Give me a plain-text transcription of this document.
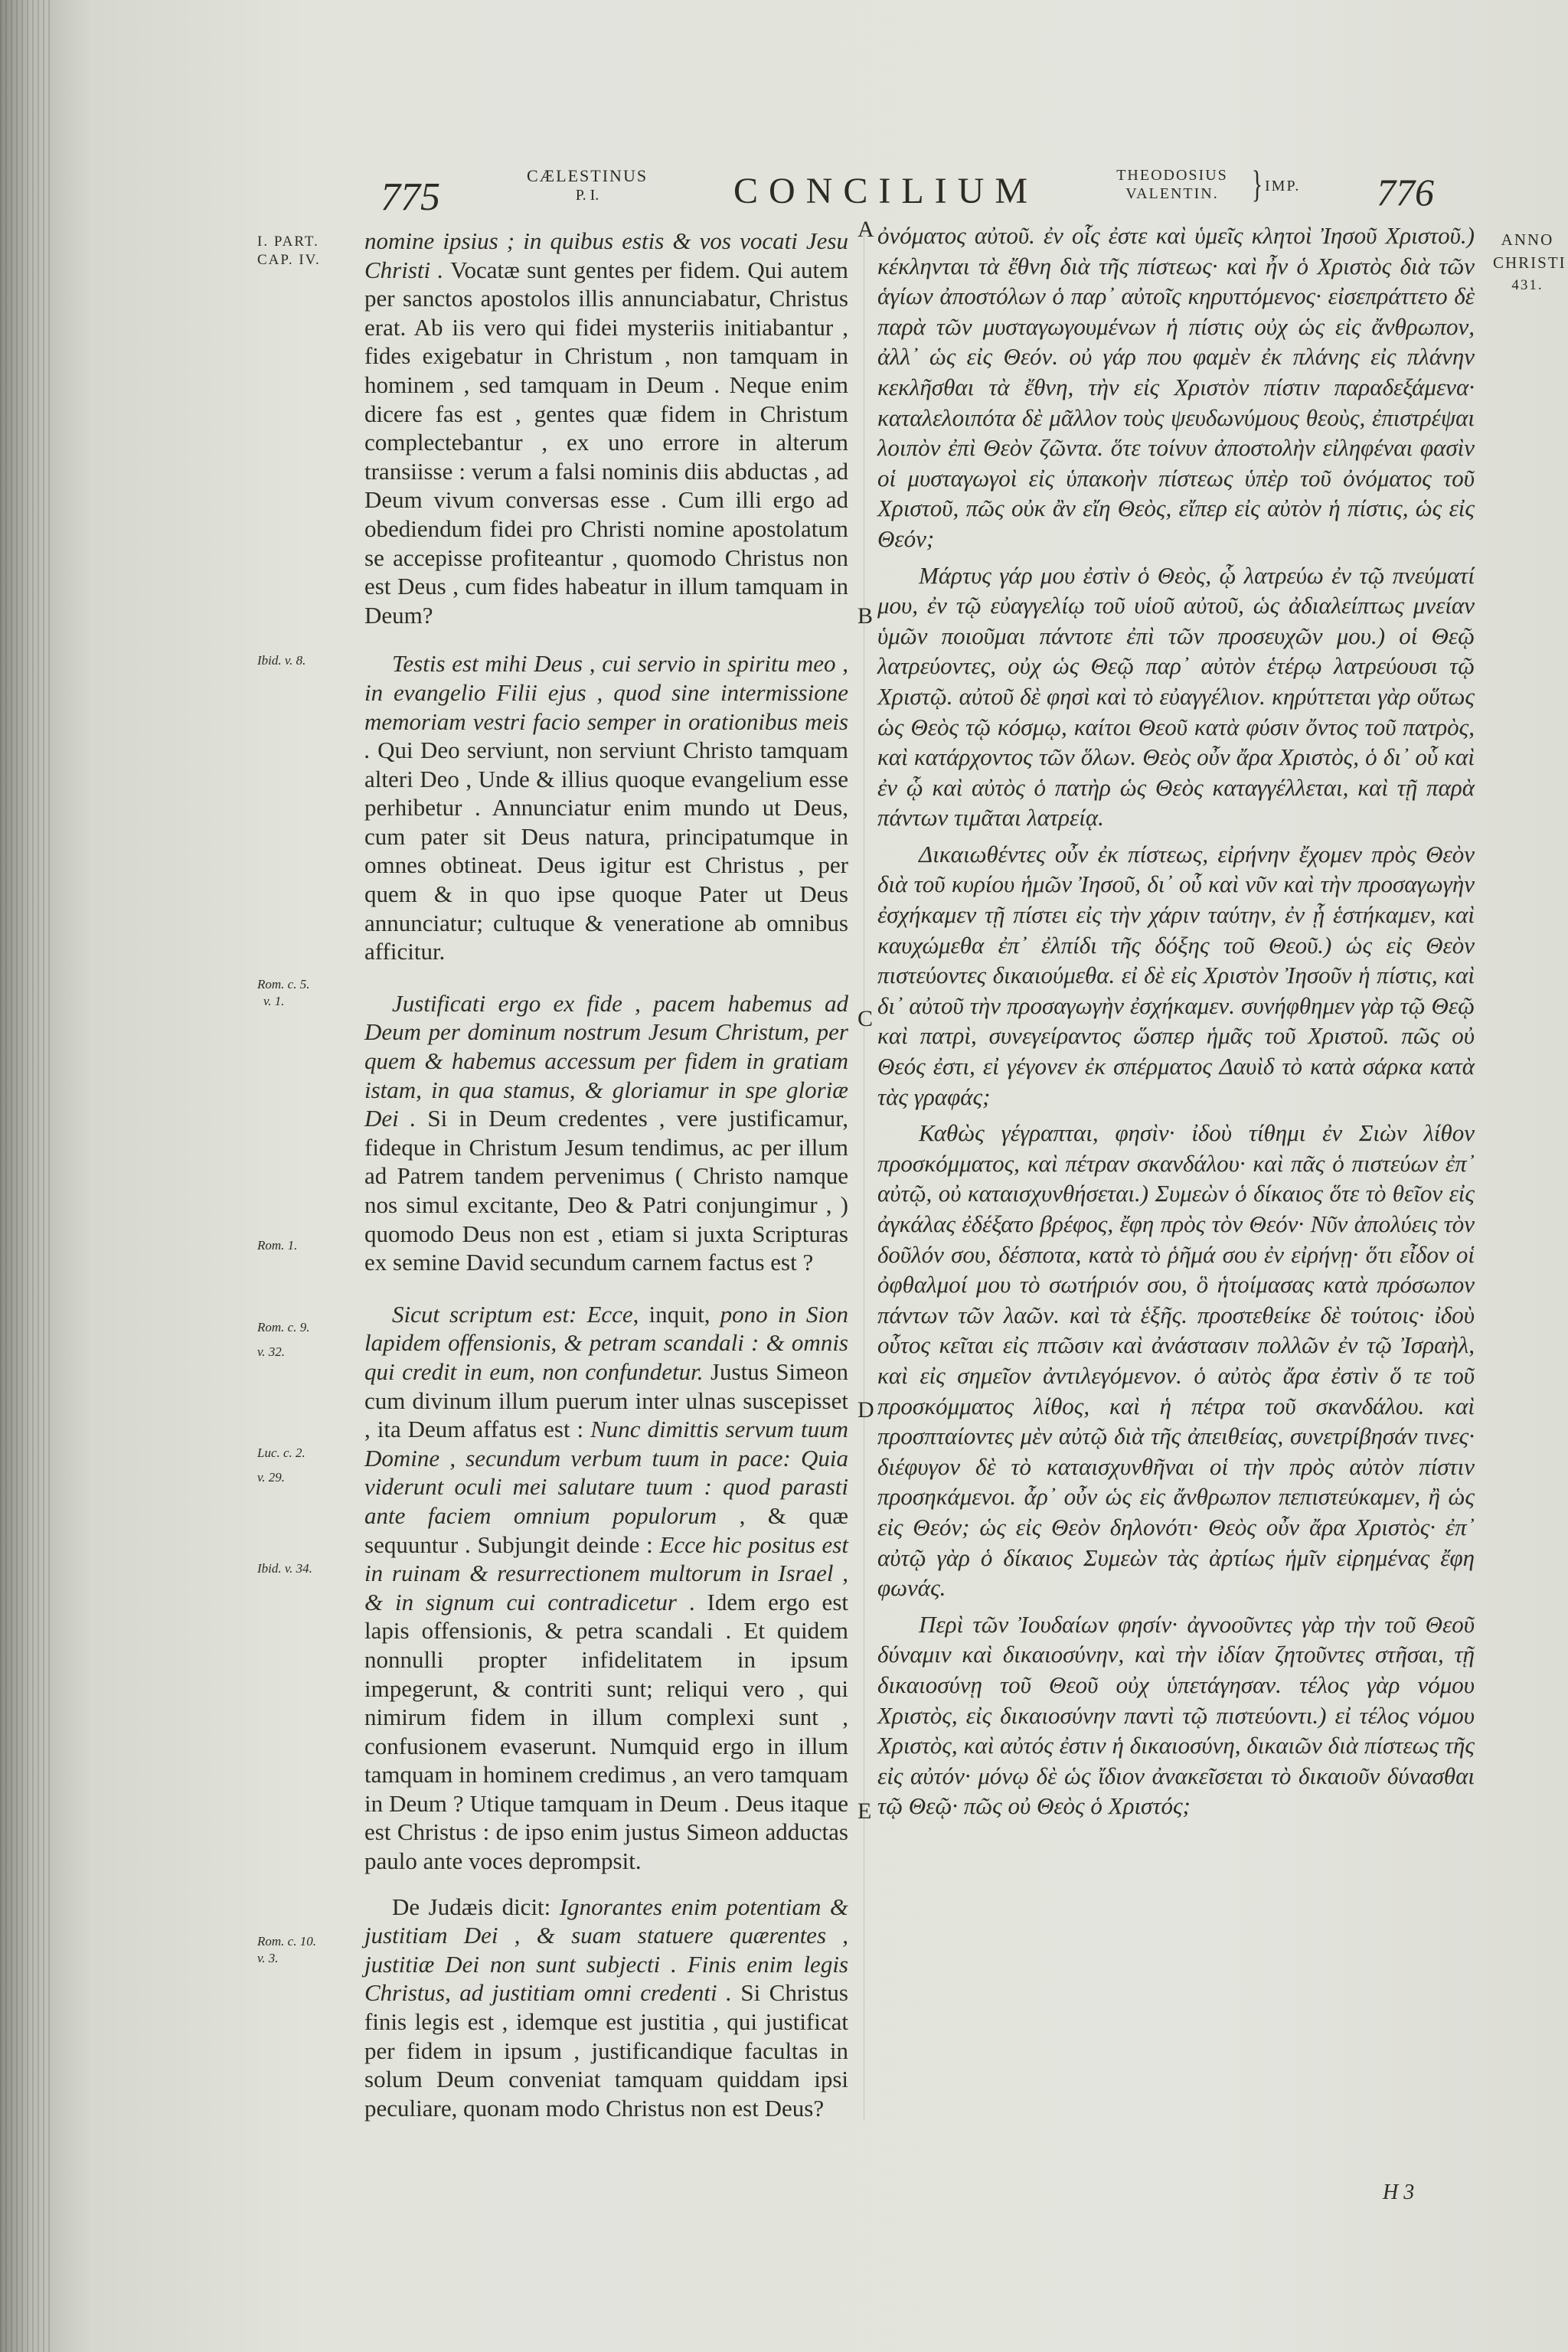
775	CÆLESTINUS
P. I.	CONCILIUM	THEODOSIUS
VALENTIN. } IMP. 776
I. PART.
CAP. IV.
Ibid. v. 8.
Rom. c. 5.
v. 1.
Rom. 1.
Rom. c. 9.
v. 32.
Luc. c. 2.
v. 29.
Ibid. v. 34.
Rom. c. 10.
v. 3.
ANNO
CHRISTI
431.
A
B
C
D
E

nomine ipsius ; in quibus estis & vos vocati Jesu Christi . Vocatæ sunt gentes per fidem. Qui autem per sanctos apostolos illis annunciabatur, Christus erat. Ab iis vero qui fidei mysteriis initiabantur , fides exigebatur in Christum , non tamquam in hominem , sed tamquam in Deum . Neque enim dicere fas est , gentes quæ fidem in Christum complectebantur , ex uno errore in alterum transiisse : verum a falsi nominis diis abductas , ad Deum vivum conversas esse . Cum illi ergo ad obediendum fidei pro Christi nomine apostolatum se accepisse profiteantur , quomodo Christus non est Deus , cum fides habeatur in illum tamquam in Deum?

Testis est mihi Deus , cui servio in spiritu meo , in evangelio Filii ejus , quod sine intermissione memoriam vestri facio semper in orationibus meis . Qui Deo serviunt, non serviunt Christo tamquam alteri Deo , Unde & illius quoque evangelium esse perhibetur . Annunciatur enim mundo ut Deus, cum pater sit Deus natura, principatumque in omnes obtineat. Deus igitur est Christus , per quem & in quo ipse quoque Pater ut Deus annunciatur; cultuque & veneratione ab omnibus afficitur.

Justificati ergo ex fide , pacem habemus ad Deum per dominum nostrum Jesum Christum, per quem & habemus accessum per fidem in gratiam istam, in qua stamus, & gloriamur in spe gloriæ Dei . Si in Deum credentes , vere justificamur, fideque in Christum Jesum tendimus, ac per illum ad Patrem tandem pervenimus ( Christo namque nos simul excitante, Deo & Patri conjungimur , ) quomodo Deus non est , etiam si juxta Scripturas ex semine David secundum carnem factus est ?

Sicut scriptum est: Ecce, inquit, pono in Sion lapidem offensionis, & petram scandali : & omnis qui credit in eum, non confundetur. Justus Simeon cum divinum illum puerum inter ulnas suscepisset , ita Deum affatus est : Nunc dimittis servum tuum Domine , secundum verbum tuum in pace: Quia viderunt oculi mei salutare tuum : quod parasti ante faciem omnium populorum , & quæ sequuntur . Subjungit deinde : Ecce hic positus est in ruinam & resurrectionem multorum in Israel , & in signum cui contradicetur . Idem ergo est lapis offensionis, & petra scandali . Et quidem nonnulli propter infidelitatem in ipsum impegerunt, & contriti sunt; reliqui vero , qui nimirum fidem in illum complexi sunt , confusionem evaserunt. Numquid ergo in illum tamquam in hominem credimus , an vero tamquam in Deum ? Utique tamquam in Deum . Deus itaque est Christus : de ipso enim justus Simeon adductas paulo ante voces deprompsit.

De Judæis dicit: Ignorantes enim potentiam & justitiam Dei , & suam statuere quærentes , justitiæ Dei non sunt subjecti . Finis enim legis Christus, ad justitiam omni credenti . Si Christus finis legis est , idemque est justitia , qui justificat per fidem in ipsum , justificandique facultas in solum Deum conveniat tamquam quiddam ipsi peculiare, quonam modo Christus non est Deus?

ὀνόματος αὐτοῦ. ἐν οἷς ἐστε καὶ ὑμεῖς κλητοὶ Ἰησοῦ Χριστοῦ.) κέκληνται τὰ ἔθνη διὰ τῆς πίστεως· καὶ ἦν ὁ Χριστὸς διὰ τῶν ἁγίων ἀποστόλων ὁ παρ᾽ αὐτοῖς κηρυττόμενος· εἰσεπράττετο δὲ παρὰ τῶν μυσταγωγουμένων ἡ πίστις οὐχ ὡς εἰς ἄνθρωπον, ἀλλ᾽ ὡς εἰς Θεόν. οὐ γάρ που φαμὲν ἐκ πλάνης εἰς πλάνην κεκλῆσθαι τὰ ἔθνη, τὴν εἰς Χριστὸν πίστιν παραδεξάμενα· καταλελοιπότα δὲ μᾶλλον τοὺς ψευδωνύμους θεοὺς, ἐπιστρέψαι λοιπὸν ἐπὶ Θεὸν ζῶντα. ὅτε τοίνυν ἀποστολὴν εἰληφέναι φασὶν οἱ μυσταγωγοὶ εἰς ὑπακοὴν πίστεως ὑπὲρ τοῦ ὀνόματος τοῦ Χριστοῦ, πῶς οὐκ ἂν εἴη Θεὸς, εἴπερ εἰς αὐτὸν ἡ πίστις, ὡς εἰς Θεόν;

Μάρτυς γάρ μου ἐστὶν ὁ Θεὸς, ᾧ λατρεύω ἐν τῷ πνεύματί μου, ἐν τῷ εὐαγγελίῳ τοῦ υἱοῦ αὐτοῦ, ὡς ἀδιαλείπτως μνείαν ὑμῶν ποιοῦμαι πάντοτε ἐπὶ τῶν προσευχῶν μου.) οἱ Θεῷ λατρεύοντες, οὐχ ὡς Θεῷ παρ᾽ αὐτὸν ἑτέρῳ λατρεύουσι τῷ Χριστῷ. αὐτοῦ δὲ φησὶ καὶ τὸ εὐαγγέλιον. κηρύττεται γὰρ οὕτως ὡς Θεὸς τῷ κόσμῳ, καίτοι Θεοῦ κατὰ φύσιν ὄντος τοῦ πατρὸς, καὶ κατάρχοντος τῶν ὅλων. Θεὸς οὖν ἄρα Χριστὸς, ὁ δι᾽ οὗ καὶ ἐν ᾧ καὶ αὐτὸς ὁ πατὴρ ὡς Θεὸς καταγγέλλεται, καὶ τῇ παρὰ πάντων τιμᾶται λατρείᾳ.

Δικαιωθέντες οὖν ἐκ πίστεως, εἰρήνην ἔχομεν πρὸς Θεὸν διὰ τοῦ κυρίου ἡμῶν Ἰησοῦ, δι᾽ οὗ καὶ νῦν καὶ τὴν προσαγωγὴν ἐσχήκαμεν τῇ πίστει εἰς τὴν χάριν ταύτην, ἐν ᾗ ἑστήκαμεν, καὶ καυχώμεθα ἐπ᾽ ἐλπίδι τῆς δόξης τοῦ Θεοῦ.) ὡς εἰς Θεὸν πιστεύοντες δικαιούμεθα. εἰ δὲ εἰς Χριστὸν Ἰησοῦν ἡ πίστις, καὶ δι᾽ αὐτοῦ τὴν προσαγωγὴν ἐσχήκαμεν. συνήφθημεν γὰρ τῷ Θεῷ καὶ πατρὶ, συνεγείραντος ὥσπερ ἡμᾶς τοῦ Χριστοῦ. πῶς οὐ Θεός ἐστι, εἰ γέγονεν ἐκ σπέρματος Δαυὶδ τὸ κατὰ σάρκα κατὰ τὰς γραφάς;

Καθὼς γέγραπται, φησὶν· ἰδοὺ τίθημι ἐν Σιὼν λίθον προσκόμματος, καὶ πέτραν σκανδάλου· καὶ πᾶς ὁ πιστεύων ἐπ᾽ αὐτῷ, οὐ καταισχυνθήσεται.) Συμεὼν ὁ δίκαιος ὅτε τὸ θεῖον εἰς ἀγκάλας ἐδέξατο βρέφος, ἔφη πρὸς τὸν Θεόν· Νῦν ἀπολύεις τὸν δοῦλόν σου, δέσποτα, κατὰ τὸ ῥῆμά σου ἐν εἰρήνῃ· ὅτι εἶδον οἱ ὀφθαλμοί μου τὸ σωτήριόν σου, ὃ ἡτοίμασας κατὰ πρόσωπον πάντων τῶν λαῶν. καὶ τὰ ἑξῆς. προστεθείκε δὲ τούτοις· ἰδοὺ οὗτος κεῖται εἰς πτῶσιν καὶ ἀνάστασιν πολλῶν ἐν τῷ Ἰσραὴλ, καὶ εἰς σημεῖον ἀντιλεγόμενον. ὁ αὐτὸς ἄρα ἐστὶν ὅ τε τοῦ προσκόμματος λίθος, καὶ ἡ πέτρα τοῦ σκανδάλου. καὶ προσπταίοντες μὲν αὐτῷ διὰ τῆς ἀπειθείας, συνετρίβησάν τινες· διέφυγον δὲ τὸ καταισχυνθῆναι οἱ τὴν πρὸς αὐτὸν πίστιν προσηκάμενοι. ἆρ᾽ οὖν ὡς εἰς ἄνθρωπον πεπιστεύκαμεν, ἢ ὡς εἰς Θεόν; ὡς εἰς Θεὸν δηλονότι· Θεὸς οὖν ἄρα Χριστὸς· ἐπ᾽ αὐτῷ γὰρ ὁ δίκαιος Συμεὼν τὰς ἀρτίως ἡμῖν εἰρημένας ἔφη φωνάς.

Περὶ τῶν Ἰουδαίων φησίν· ἀγνοοῦντες γὰρ τὴν τοῦ Θεοῦ δύναμιν καὶ δικαιοσύνην, καὶ τὴν ἰδίαν ζητοῦντες στῆσαι, τῇ δικαιοσύνῃ τοῦ Θεοῦ οὐχ ὑπετάγησαν. τέλος γὰρ νόμου Χριστὸς, εἰς δικαιοσύνην παντὶ τῷ πιστεύοντι.) εἰ τέλος νόμου Χριστὸς, καὶ αὐτός ἐστιν ἡ δικαιοσύνη, δικαιῶν διὰ πίστεως τῆς εἰς αὐτόν· μόνῳ δὲ ὡς ἴδιον ἀνακεῖσεται τὸ δικαιοῦν δύνασθαι τῷ Θεῷ· πῶς οὐ Θεὸς ὁ Χριστός;

H 3
